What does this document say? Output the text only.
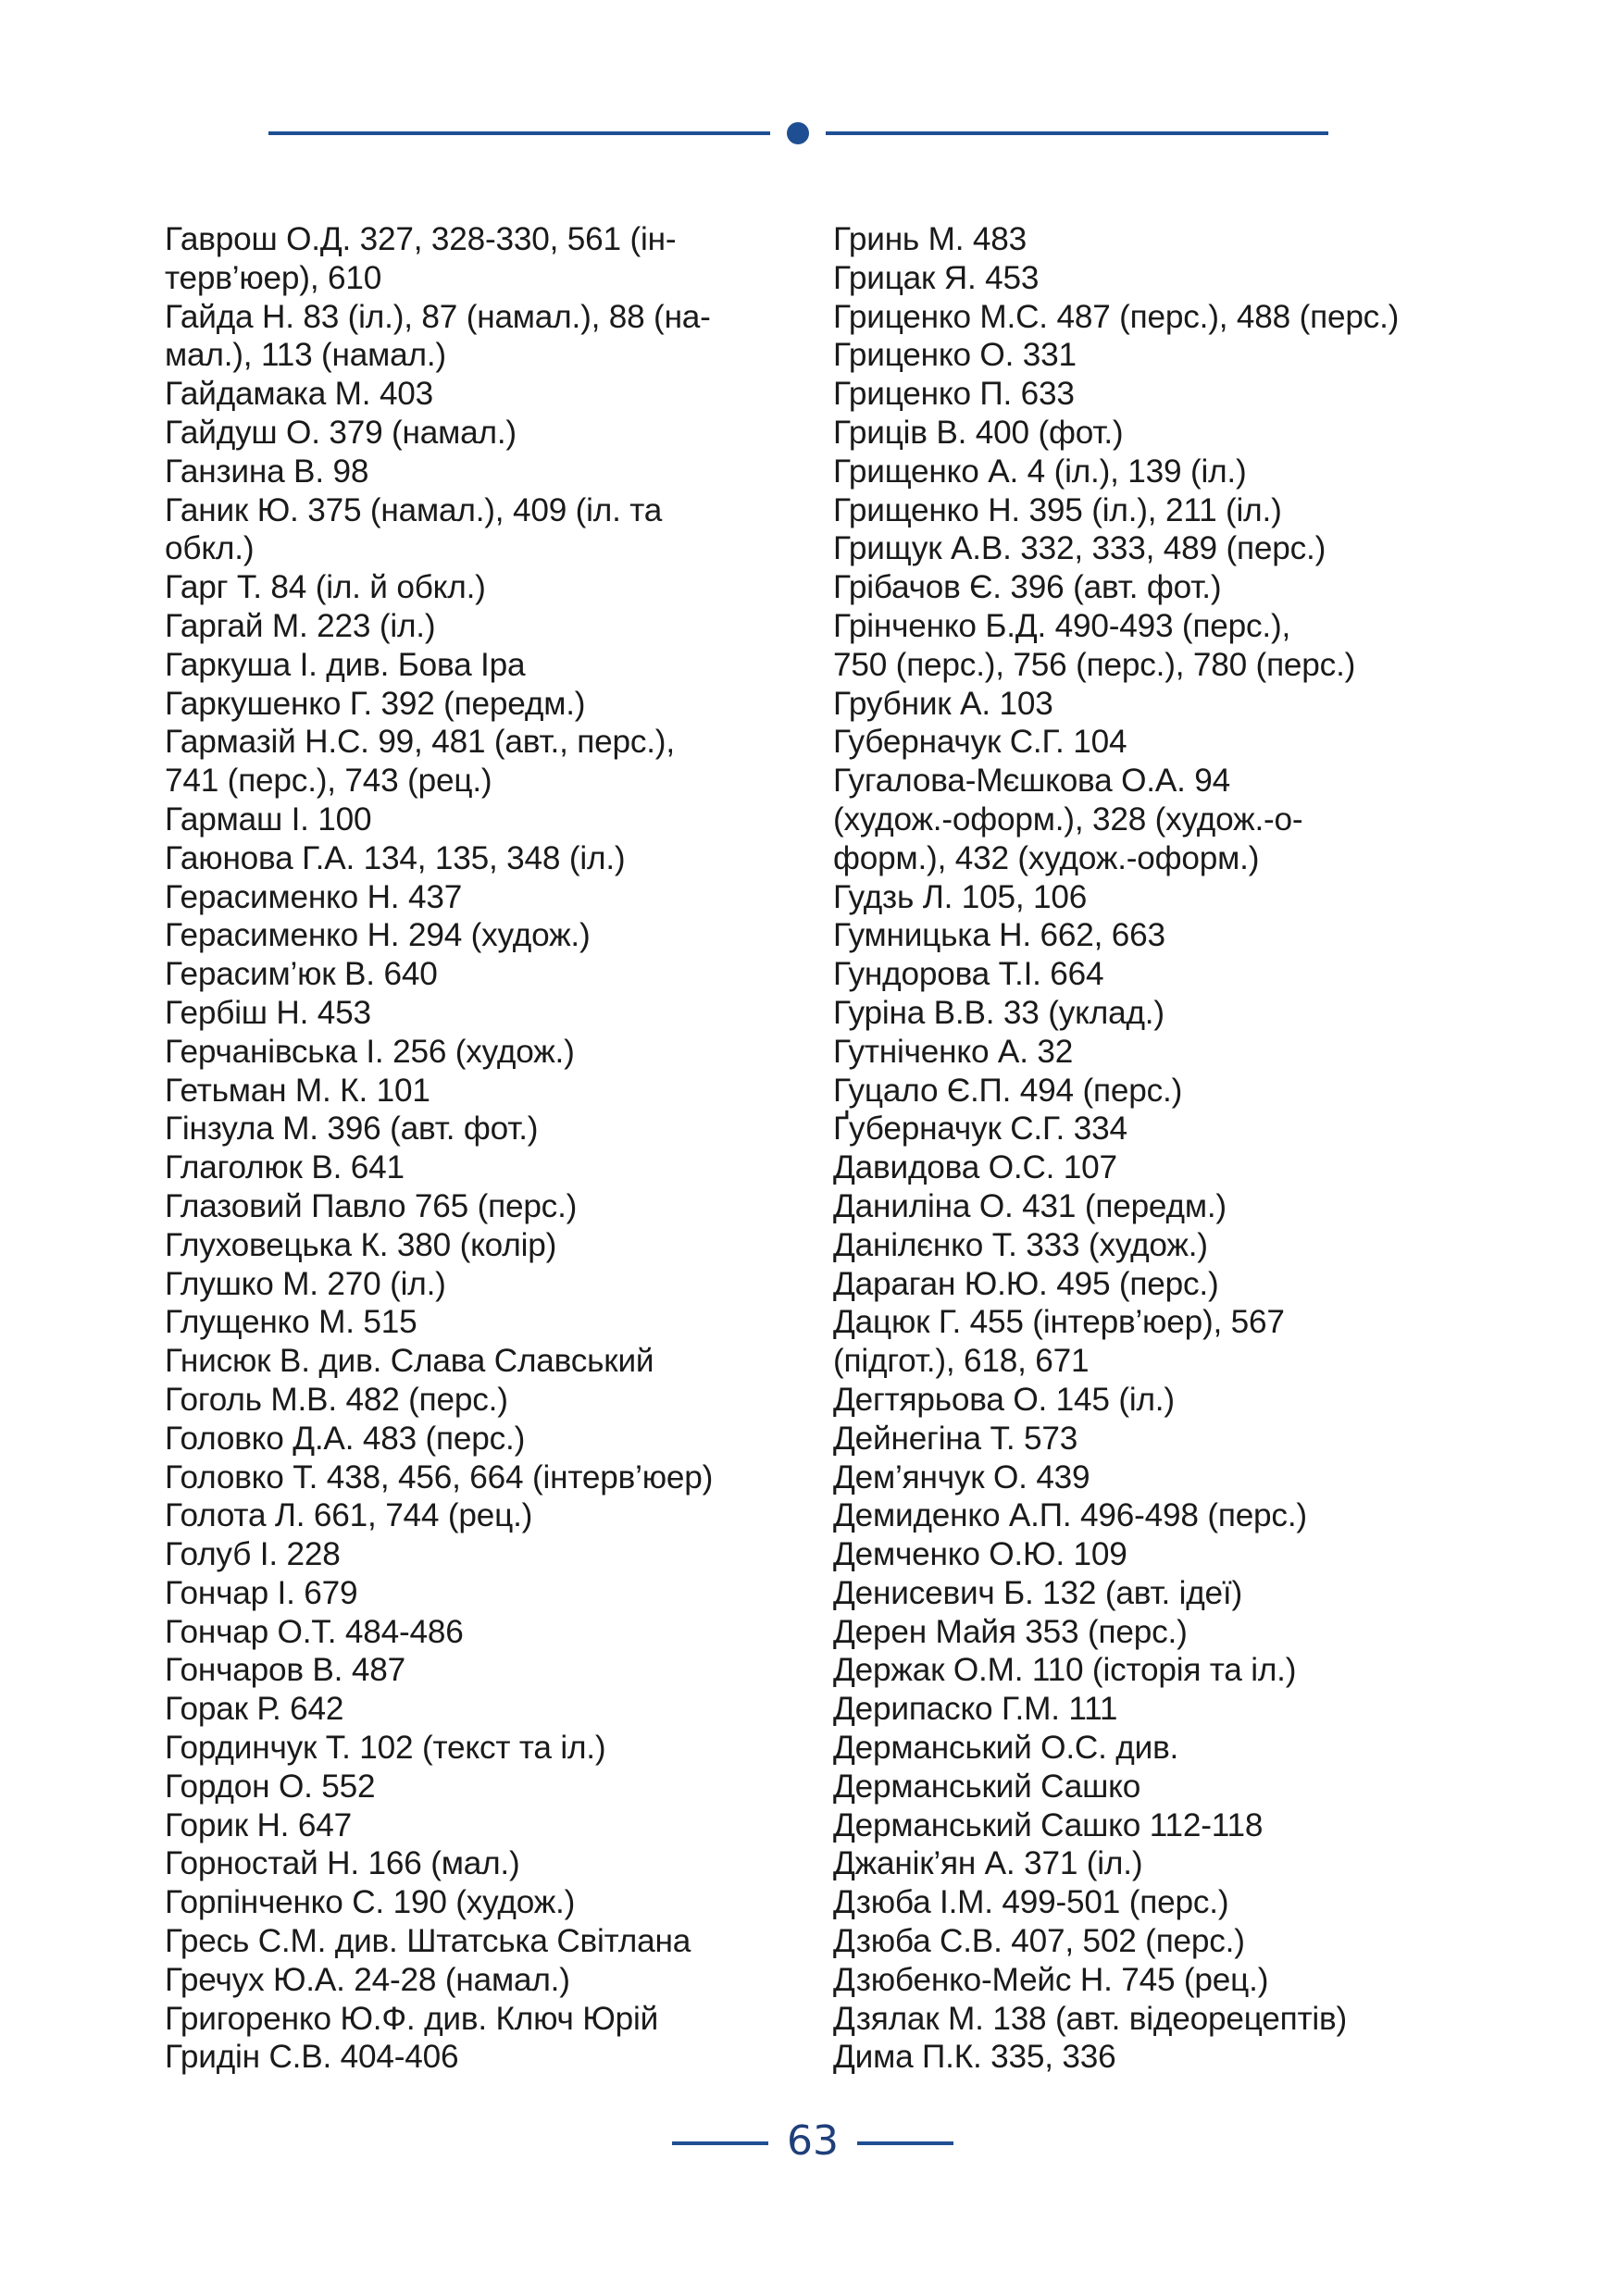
Гаврош О.Д. 327, 328-330, 561 (ін-
терв’юер), 610

Гайда Н. 83 (іл.), 87 (намал.), 88 (на-
мал.), 113 (намал.)

Гайдамака М. 403

Гайдуш О. 379 (намал.)

Ганзина В. 98

Ганик Ю. 375 (намал.), 409 (іл. та
обкл.)

Гарг Т. 84 (іл. й обкл.)

Гаргай М. 223 (іл.)

Гаркуша І. див. Бова Іра

Гаркушенко Г. 392 (передм.)

Гармазій Н.С. 99, 481 (авт., перс.),
741 (перс.), 743 (рец.)

Гармаш І. 100

Гаюнова Г.А. 134, 135, 348 (іл.)

Герасименко Н. 437

Герасименко Н. 294 (худож.)

Герасим’юк В. 640

Гербіш Н. 453

Герчанівська І. 256 (худож.)

Гетьман М. К. 101

Гінзула М. 396 (авт. фот.)

Глаголюк В. 641

Глазовий Павло 765 (перс.)

Глуховецька К. 380 (колір)

Глушко М. 270 (іл.)

Глущенко М. 515

Гнисюк В. див. Слава Славський

Гоголь М.В. 482 (перс.)

Головко Д.А. 483 (перс.)

Головко Т. 438, 456, 664 (інтерв’юер)

Голота Л. 661, 744 (рец.)

Голуб І. 228

Гончар І. 679

Гончар О.Т. 484-486

Гончаров В. 487

Горак Р. 642

Гординчук Т. 102 (текст та іл.)

Гордон О. 552

Горик Н. 647

Горностай Н. 166 (мал.)

Горпінченко С. 190 (худож.)

Гресь С.М. див. Штатська Світлана

Гречух Ю.А. 24-28 (намал.)

Григоренко Ю.Ф. див. Ключ Юрій

Гридін С.В. 404-406

Гринь М. 483

Грицак Я. 453

Гриценко М.С. 487 (перс.), 488 (перс.)

Гриценко О. 331

Гриценко П. 633

Гриців В. 400 (фот.)

Грищенко А. 4 (іл.), 139 (іл.)

Грищенко Н. 395 (іл.), 211 (іл.)

Грищук А.В. 332, 333, 489 (перс.)

Грібачов Є. 396 (авт. фот.)

Грінченко Б.Д. 490-493 (перс.),
750 (перс.), 756 (перс.), 780 (перс.)

Грубник А. 103

Губерначук С.Г. 104

Гугалова-Мєшкова О.А. 94
(худож.-оформ.), 328 (худож.-о-
форм.), 432 (худож.-оформ.)

Гудзь Л. 105, 106

Гумницька Н. 662, 663

Гундорова Т.І. 664

Гуріна В.В. 33 (уклад.)

Гутніченко А. 32

Гуцало Є.П. 494 (перс.)

Ґуберначук С.Г. 334

Давидова О.С. 107

Даниліна О. 431 (передм.)

Данілєнко Т. 333 (худож.)

Дараган Ю.Ю. 495 (перс.)

Дацюк Г. 455 (інтерв’юер), 567
(підгот.), 618, 671

Дегтярьова О. 145 (іл.)

Дейнегіна Т. 573

Дем’янчук О. 439

Демиденко А.П. 496-498 (перс.)

Демченко О.Ю. 109

Денисевич Б. 132 (авт. ідеї)

Дерен Майя 353 (перс.)

Держак О.М. 110 (історія та іл.)

Дерипаско Г.М. 111

Дерманський О.С. див.

Дерманський Сашко

Дерманський Сашко 112-118

Джанік’ян А. 371 (іл.)

Дзюба І.М. 499-501 (перс.)

Дзюба С.В. 407, 502 (перс.)

Дзюбенко-Мейс Н. 745 (рец.)

Дзялак М. 138 (авт. відеорецептів)

Дима П.К. 335, 336

63
